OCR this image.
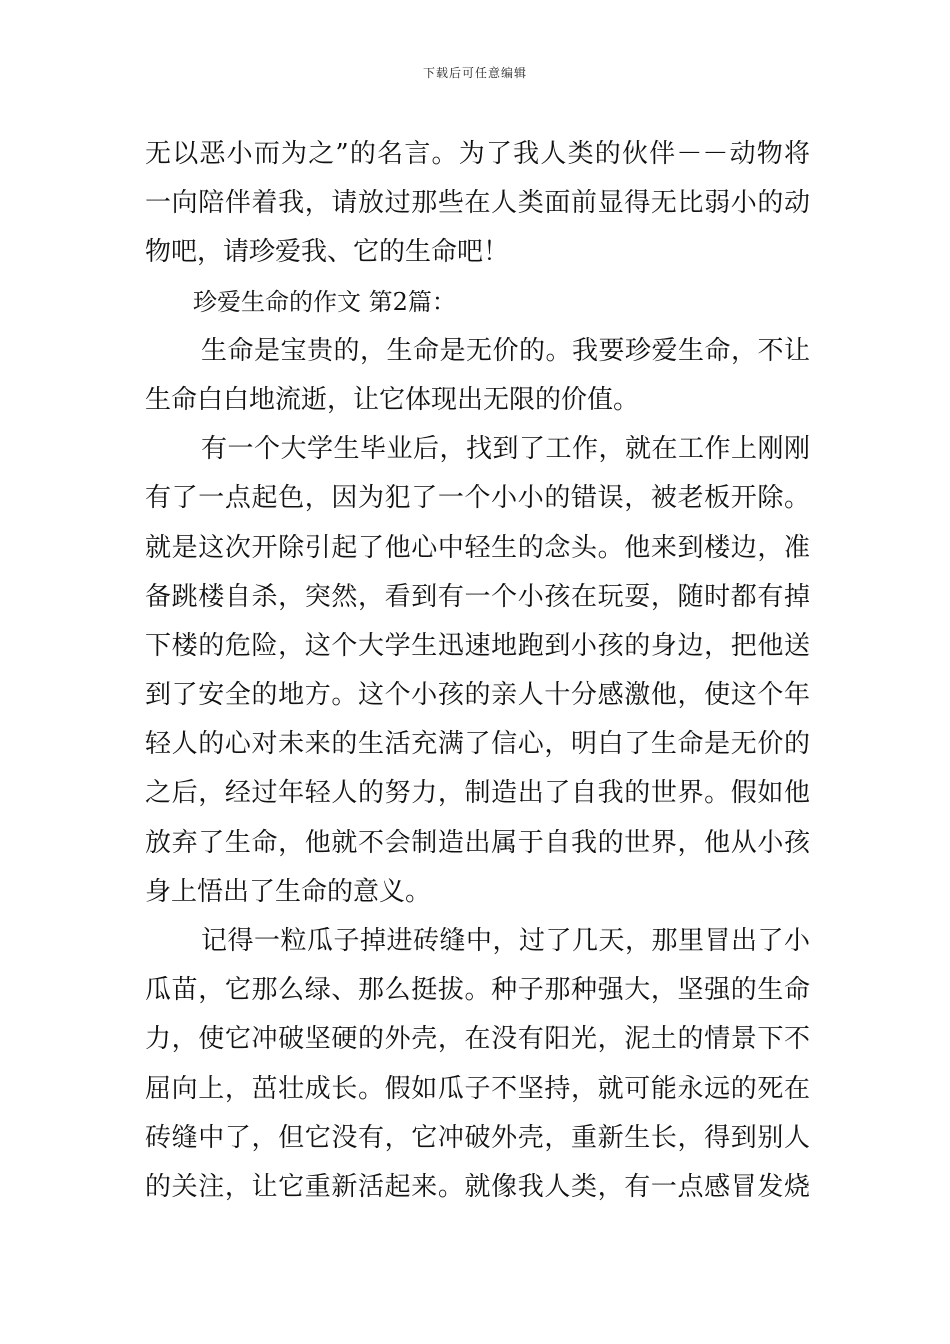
下载后可任意编辑
无以恶小而为之”的名言。为了我人类的伙伴－－动物将
一向陪伴着我，请放过那些在人类面前显得无比弱小的动
物吧，请珍爱我、它的生命吧！
珍爱生命的作文 第2篇：
生命是宝贵的，生命是无价的。我要珍爱生命，不让
生命白白地流逝，让它体现出无限的价值。
有一个大学生毕业后，找到了工作，就在工作上刚刚
有了一点起色，因为犯了一个小小的错误，被老板开除。
就是这次开除引起了他心中轻生的念头。他来到楼边，准
备跳楼自杀，突然，看到有一个小孩在玩耍，随时都有掉
下楼的危险，这个大学生迅速地跑到小孩的身边，把他送
到了安全的地方。这个小孩的亲人十分感激他，使这个年
轻人的心对未来的生活充满了信心，明白了生命是无价的
之后，经过年轻人的努力，制造出了自我的世界。假如他
放弃了生命，他就不会制造出属于自我的世界，他从小孩
身上悟出了生命的意义。
记得一粒瓜子掉进砖缝中，过了几天，那里冒出了小
瓜苗，它那么绿、那么挺拔。种子那种强大，坚强的生命
力，使它冲破坚硬的外壳，在没有阳光，泥土的情景下不
屈向上，茁壮成长。假如瓜子不坚持，就可能永远的死在
砖缝中了，但它没有，它冲破外壳，重新生长，得到别人
的关注，让它重新活起来。就像我人类，有一点感冒发烧
